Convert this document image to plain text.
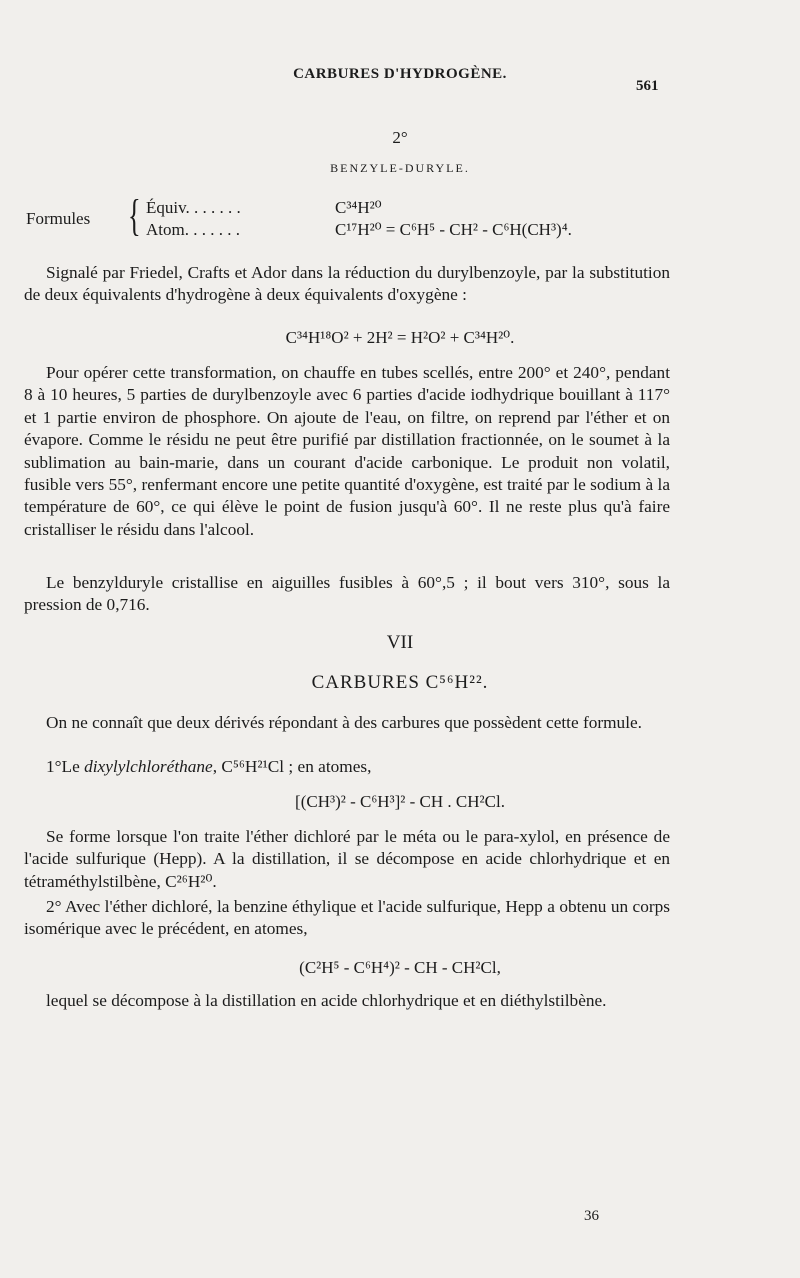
CARBURES D'HYDROGÈNE.
561
2°
BENZYLE-DURYLE.
Formules { Équiv. . . . . . .	C³⁴H²⁰
Atom. . . . . . .	C¹⁷H²⁰ = C⁶H⁵ - CH² - C⁶H(CH³)⁴.

Signalé par Friedel, Crafts et Ador dans la réduction du durylbenzoyle, par la substitution de deux équivalents d'hydrogène à deux équivalents d'oxygène :

C³⁴H¹⁸O² + 2H² = H²O² + C³⁴H²⁰.

Pour opérer cette transformation, on chauffe en tubes scellés, entre 200° et 240°, pendant 8 à 10 heures, 5 parties de durylbenzoyle avec 6 parties d'acide iodhydrique bouillant à 117° et 1 partie environ de phosphore. On ajoute de l'eau, on filtre, on reprend par l'éther et on évapore. Comme le résidu ne peut être purifié par distillation fractionnée, on le soumet à la sublimation au bain-marie, dans un courant d'acide carbonique. Le produit non volatil, fusible vers 55°, renfermant encore une petite quantité d'oxygène, est traité par le sodium à la température de 60°, ce qui élève le point de fusion jusqu'à 60°. Il ne reste plus qu'à faire cristalliser le résidu dans l'alcool.

Le benzyldurylе cristallise en aiguilles fusibles à 60°,5 ; il bout vers 310°, sous la pression de 0,716.

VII
CARBURES C⁵⁶H²².

On ne connaît que deux dérivés répondant à des carbures que possèdent cette formule.

1°Le dixylylchloréthane, C⁵⁶H²¹Cl ; en atomes,

[(CH³)² - C⁶H³]² - CH . CH²Cl.

Se forme lorsque l'on traite l'éther dichloré par le méta ou le para-xylol, en présence de l'acide sulfurique (Hepp). A la distillation, il se décompose en acide chlorhydrique et en tétraméthylstilbène, C²⁶H²⁰.

2° Avec l'éther dichloré, la benzine éthylique et l'acide sulfurique, Hepp a obtenu un corps isomérique avec le précédent, en atomes,

(C²H⁵ - C⁶H⁴)² - CH - CH²Cl,

lequel se décompose à la distillation en acide chlorhydrique et en diéthylstilbène.

36
